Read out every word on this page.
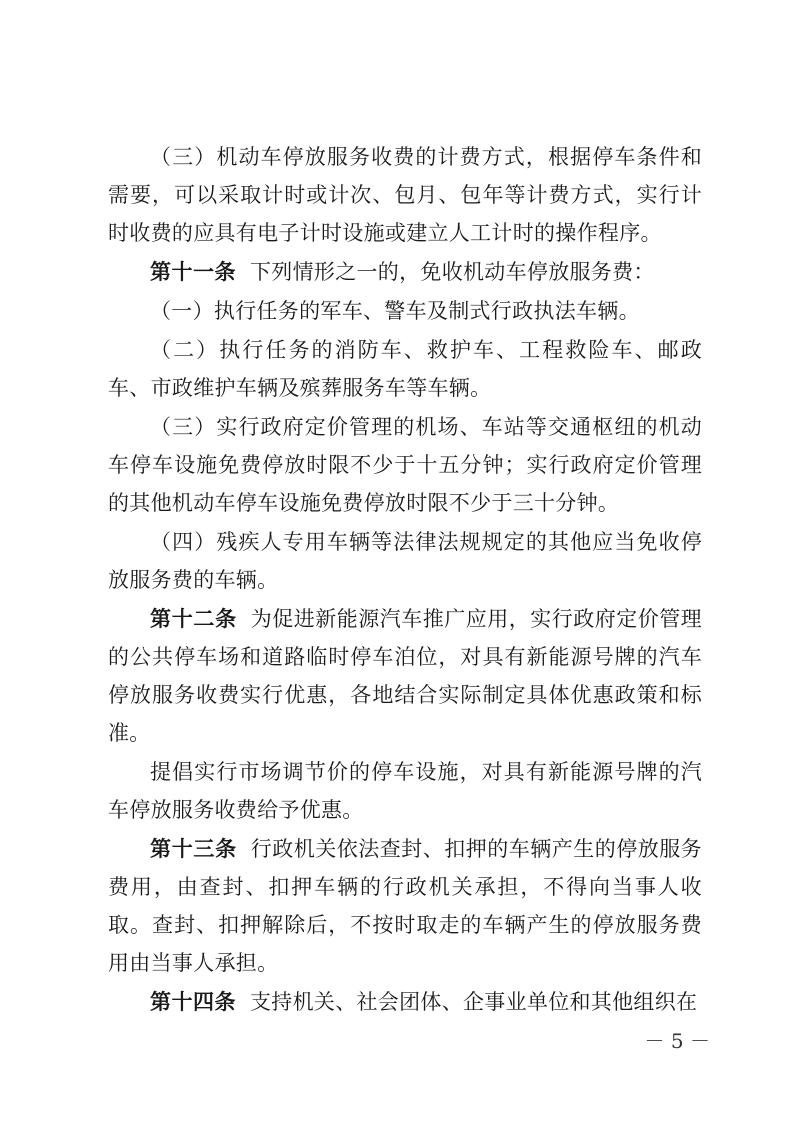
（三）机动车停放服务收费的计费方式，根据停车条件和需要，可以采取计时或计次、包月、包年等计费方式，实行计时收费的应具有电子计时设施或建立人工计时的操作程序。

第十一条 下列情形之一的，免收机动车停放服务费：

（一）执行任务的军车、警车及制式行政执法车辆。

（二）执行任务的消防车、救护车、工程救险车、邮政车、市政维护车辆及殡葬服务车等车辆。

（三）实行政府定价管理的机场、车站等交通枢纽的机动车停车设施免费停放时限不少于十五分钟；实行政府定价管理的其他机动车停车设施免费停放时限不少于三十分钟。

（四）残疾人专用车辆等法律法规规定的其他应当免收停放服务费的车辆。

第十二条 为促进新能源汽车推广应用，实行政府定价管理的公共停车场和道路临时停车泊位，对具有新能源号牌的汽车停放服务收费实行优惠，各地结合实际制定具体优惠政策和标准。

提倡实行市场调节价的停车设施，对具有新能源号牌的汽车停放服务收费给予优惠。

第十三条 行政机关依法查封、扣押的车辆产生的停放服务费用，由查封、扣押车辆的行政机关承担，不得向当事人收取。查封、扣押解除后，不按时取走的车辆产生的停放服务费用由当事人承担。

第十四条 支持机关、社会团体、企事业单位和其他组织在

－ 5 －
